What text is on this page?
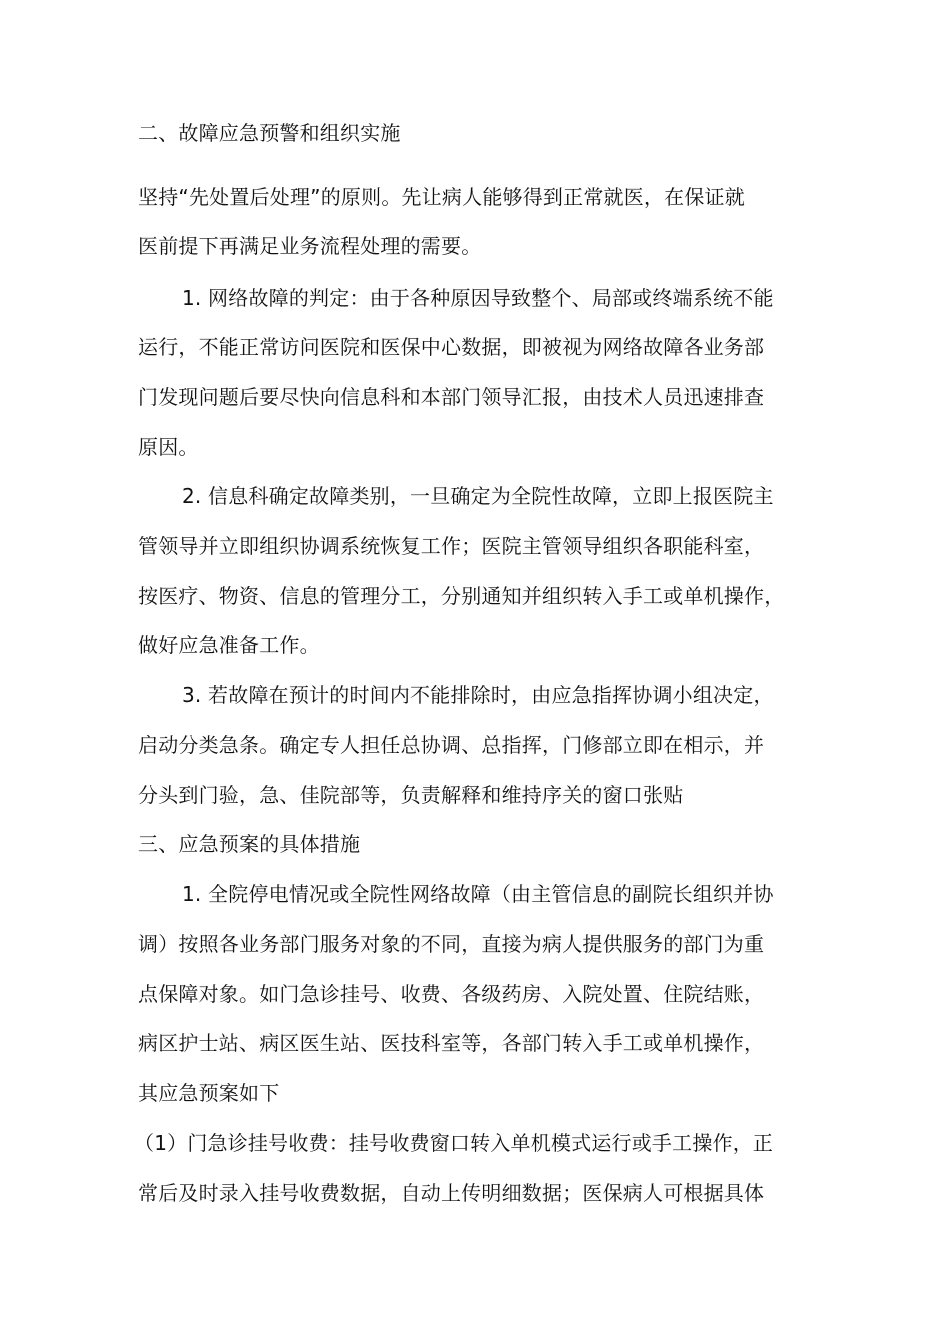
二、故障应急预警和组织实施
坚持“先处置后处理”的原则。先让病人能够得到正常就医，在保证就
医前提下再满足业务流程处理的需要。
1. 网络故障的判定：由于各种原因导致整个、局部或终端系统不能
运行，不能正常访问医院和医保中心数据，即被视为网络故障各业务部
门发现问题后要尽快向信息科和本部门领导汇报，由技术人员迅速排查
原因。
2. 信息科确定故障类别，一旦确定为全院性故障，立即上报医院主
管领导并立即组织协调系统恢复工作；医院主管领导组织各职能科室，
按医疗、物资、信息的管理分工，分别通知并组织转入手工或单机操作，
做好应急准备工作。
3. 若故障在预计的时间内不能排除时，由应急指挥协调小组决定，
启动分类急条。确定专人担任总协调、总指挥，门修部立即在相示，并
分头到门验，急、佳院部等，负责解释和维持序关的窗口张贴
三、应急预案的具体措施
1. 全院停电情况或全院性网络故障（由主管信息的副院长组织并协
调）按照各业务部门服务对象的不同，直接为病人提供服务的部门为重
点保障对象。如门急诊挂号、收费、各级药房、入院处置、住院结账，
病区护士站、病区医生站、医技科室等，各部门转入手工或单机操作，
其应急预案如下
（1）门急诊挂号收费：挂号收费窗口转入单机模式运行或手工操作，正
常后及时录入挂号收费数据，自动上传明细数据；医保病人可根据具体
